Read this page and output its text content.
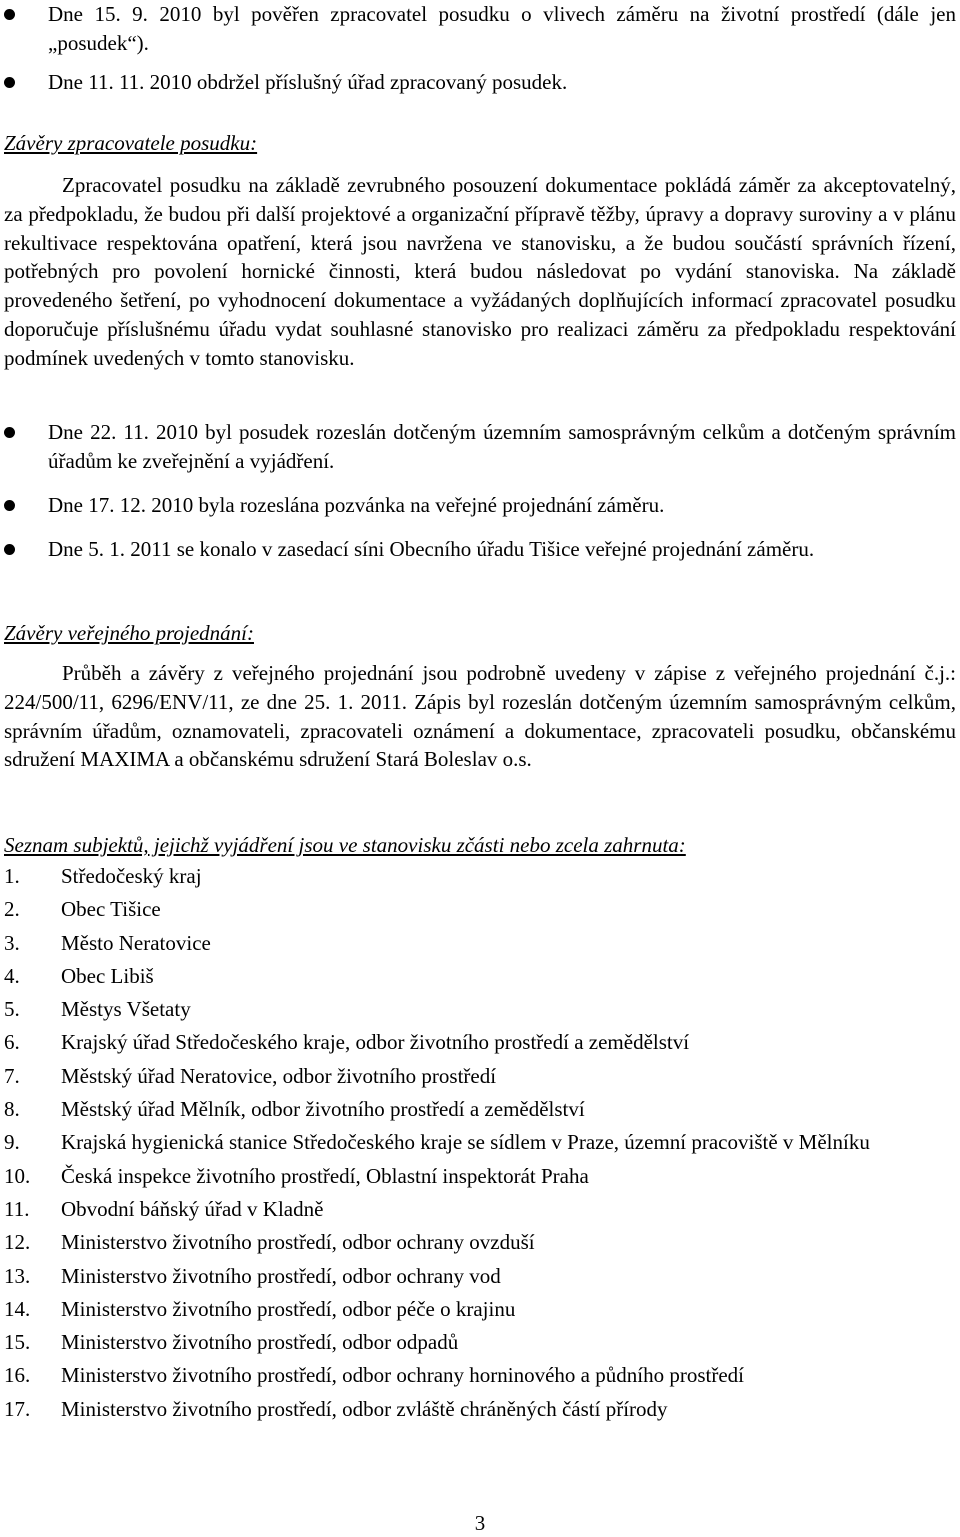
Dne 15. 9. 2010 byl pověřen zpracovatel posudku o vlivech záměru na životní prostředí (dále jen „posudek“).
Dne 11. 11. 2010 obdržel příslušný úřad zpracovaný posudek.
Závěry zpracovatele posudku:
Zpracovatel posudku na základě zevrubného posouzení dokumentace pokládá záměr za akceptovatelný, za předpokladu, že budou při další projektové a organizační přípravě těžby, úpravy a dopravy suroviny a v plánu rekultivace respektována opatření, která jsou navržena ve stanovisku, a že budou součástí správních řízení, potřebných pro povolení hornické činnosti, která budou následovat po vydání stanoviska. Na základě provedeného šetření, po vyhodnocení dokumentace a vyžádaných doplňujících informací zpracovatel posudku doporučuje příslušnému úřadu vydat souhlasné stanovisko pro realizaci záměru za předpokladu respektování podmínek uvedených v tomto stanovisku.
Dne 22. 11. 2010 byl posudek rozeslán dotčeným územním samosprávným celkům a dotčeným správním úřadům ke zveřejnění a vyjádření.
Dne 17. 12. 2010 byla rozeslána pozvánka na veřejné projednání záměru.
Dne 5. 1. 2011 se konalo v zasedací síni Obecního úřadu Tišice veřejné projednání záměru.
Závěry veřejného projednání:
Průběh a závěry z veřejného projednání jsou podrobně uvedeny v zápise z veřejného projednání č.j.: 224/500/11, 6296/ENV/11, ze dne 25. 1. 2011. Zápis byl rozeslán dotčeným územním samosprávným celkům, správním úřadům, oznamovateli, zpracovateli oznámení a dokumentace, zpracovateli posudku, občanskému sdružení MAXIMA a občanskému sdružení Stará Boleslav o.s.
Seznam subjektů, jejichž vyjádření jsou ve stanovisku zčásti nebo zcela zahrnuta:
1. Středočeský kraj
2. Obec Tišice
3. Město Neratovice
4. Obec Libiš
5. Městys Všetaty
6. Krajský úřad Středočeského kraje, odbor životního prostředí a zemědělství
7. Městský úřad Neratovice, odbor životního prostředí
8. Městský úřad Mělník, odbor životního prostředí a zemědělství
9. Krajská hygienická stanice Středočeského kraje se sídlem v Praze, územní pracoviště v Mělníku
10. Česká inspekce životního prostředí, Oblastní inspektorát Praha
11. Obvodní báňský úřad v Kladně
12. Ministerstvo životního prostředí, odbor ochrany ovzduší
13. Ministerstvo životního prostředí, odbor ochrany vod
14. Ministerstvo životního prostředí, odbor péče o krajinu
15. Ministerstvo životního prostředí, odbor odpadů
16. Ministerstvo životního prostředí, odbor ochrany horninového a půdního prostředí
17. Ministerstvo životního prostředí, odbor zvláště chráněných částí přírody
3
